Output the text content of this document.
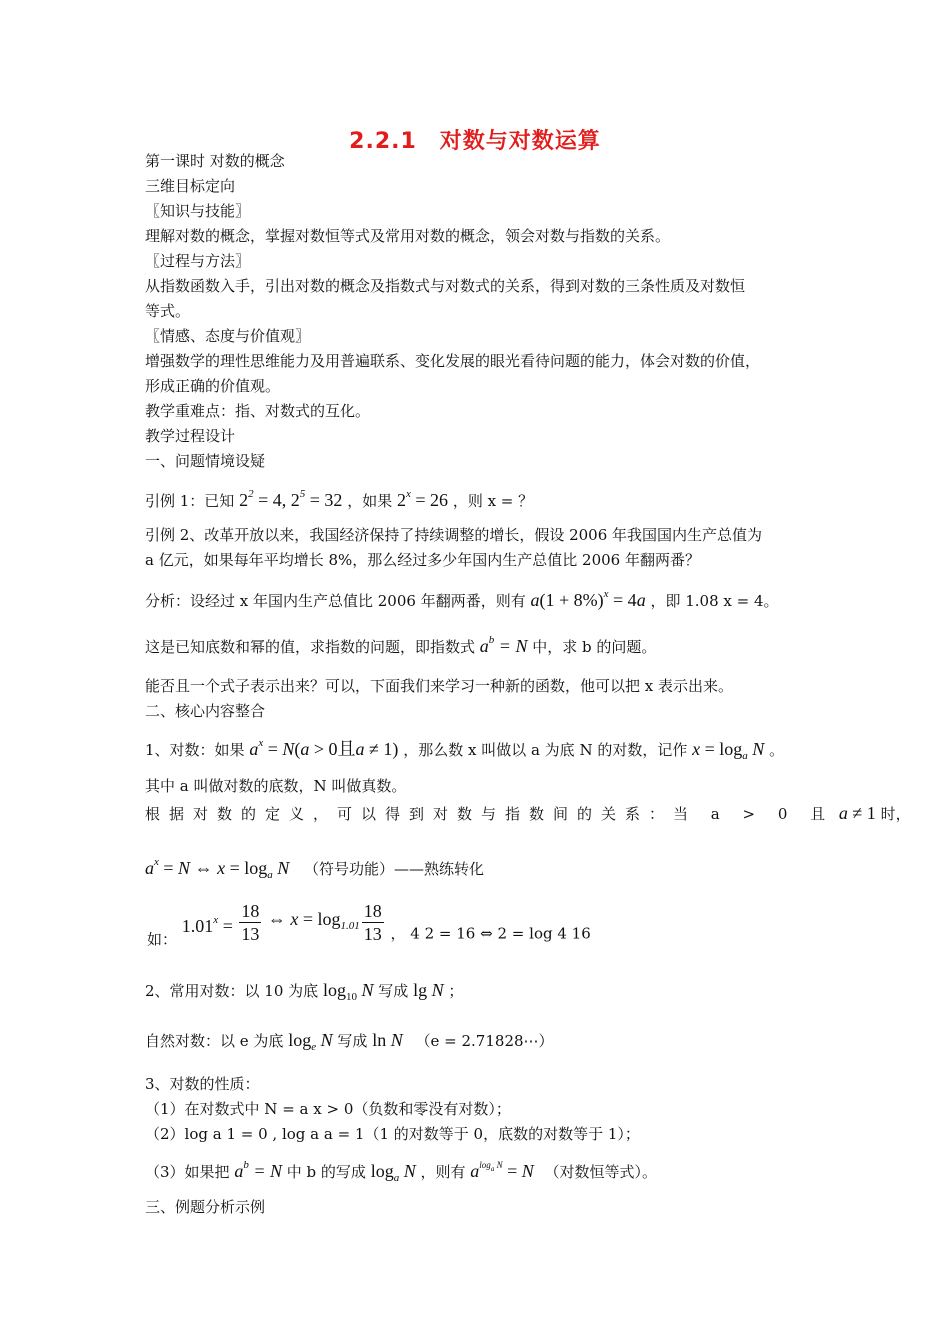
2.2.1　对数与对数运算
第一课时 对数的概念
三维目标定向
〖知识与技能〗
理解对数的概念，掌握对数恒等式及常用对数的概念，领会对数与指数的关系。
〖过程与方法〗
从指数函数入手，引出对数的概念及指数式与对数式的关系，得到对数的三条性质及对数恒
等式。
〖情感、态度与价值观〗
增强数学的理性思维能力及用普遍联系、变化发展的眼光看待问题的能力，体会对数的价值，
形成正确的价值观。
教学重难点：指、对数式的互化。
教学过程设计
一、问题情境设疑
引例 1：已知 $2^2 = 4$, $2^5 = 32$ ，如果 $2^x = 26$ ，则 x = ？
引例 2、改革开放以来，我国经济保持了持续调整的增长，假设 2006 年我国国内生产总值为
a 亿元，如果每年平均增长 8%，那么经过多少年国内生产总值比 2006 年翻两番？
分析：设经过 x 年国内生产总值比 2006 年翻两番，则有 $a(1 + 8\%)^x = 4a$ ，即 1.08 x = 4。
这是已知底数和幂的值，求指数的问题，即指数式 $a^b = N$ 中，求 b 的问题。
能否且一个式子表示出来？可以，下面我们来学习一种新的函数，他可以把 x 表示出来。
二、核心内容整合
1、对数：如果 $a^x = N(a > 0$且a ≠ 1) ，那么数 x 叫做以 a 为底 N 的对数，记作 $x = \log_a N$ 。
其中 a 叫做对数的底数，N 叫做真数。
根据对数的定义，可以得到对数与指数间的关系：当 a > 0 且 a ≠ 1 时，
$a^x = N$ ⇔ $x = \log_a N$ （符号功能）——熟练转化
如： $1.01^x = \frac{18}{13}$ ⇔ $x = \log_{1.01} \frac{18}{13}$ ， 4 2 = 16 ⇔ 2 = log 4 16
2、常用对数：以 10 为底 $\log_{10} N$ 写成 lg N ；
自然对数：以 e 为底 $\log_e N$ 写成 ln N （e = 2.71828⋯）
3、对数的性质：
（1）在对数式中 N = a x > 0（负数和零没有对数）；
（2）log a 1 = 0 , log a a = 1（1 的对数等于 0，底数的对数等于 1）；
（3）如果把 $a^b = N$ 中 b 的写成 $\log_a N$ ，则有 $a^{log_a N} = N$ （对数恒等式）。
三、例题分析示例
